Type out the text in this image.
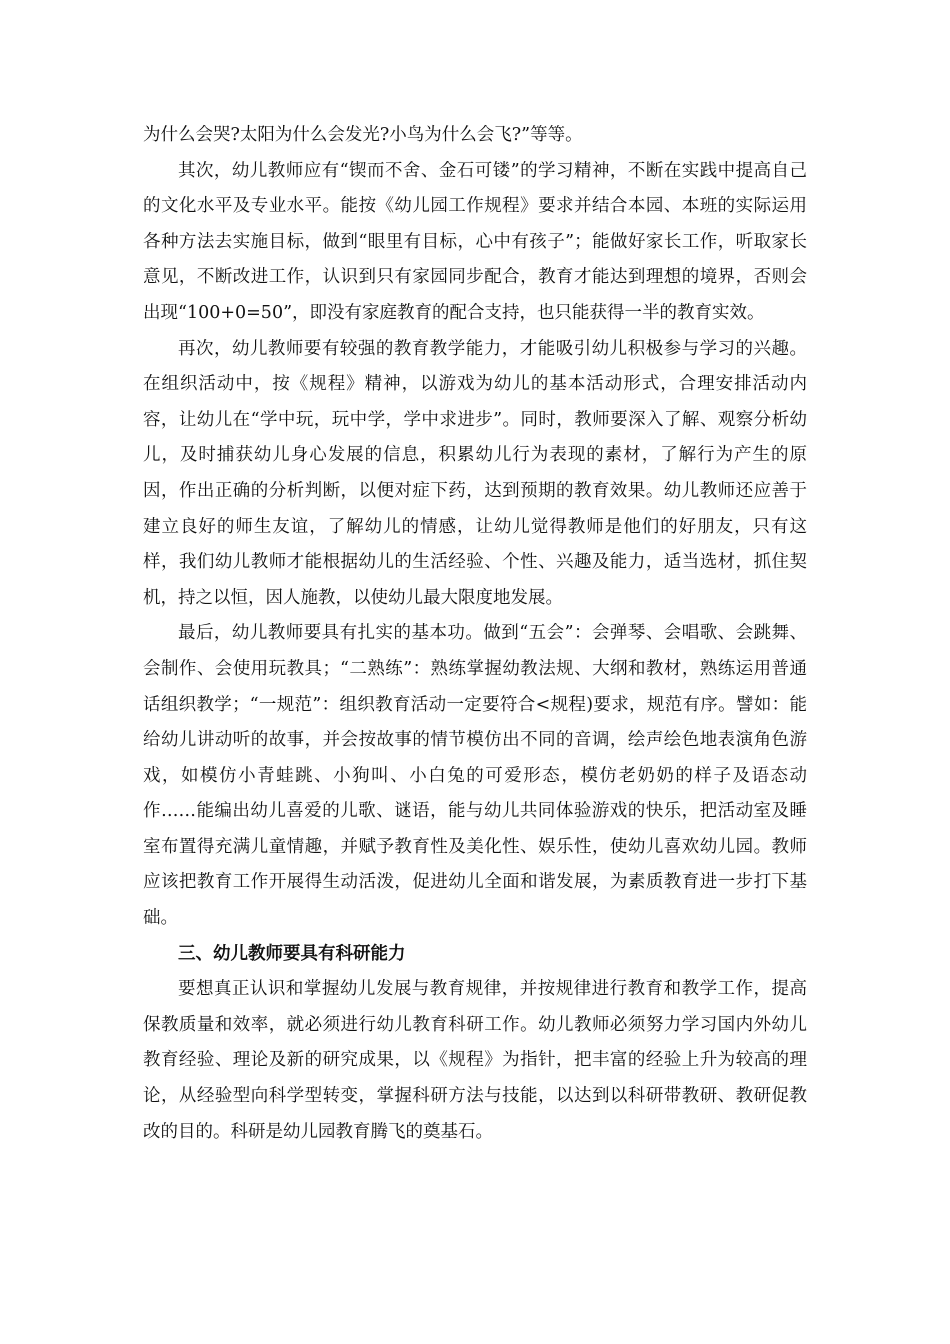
为什么会哭?太阳为什么会发光?小鸟为什么会飞?”等等。

其次，幼儿教师应有“锲而不舍、金石可镂”的学习精神，不断在实践中提高自己的文化水平及专业水平。能按《幼儿园工作规程》要求并结合本园、本班的实际运用各种方法去实施目标，做到“眼里有目标，心中有孩子”；能做好家长工作，听取家长意见，不断改进工作，认识到只有家园同步配合，教育才能达到理想的境界，否则会出现“100+0=50”，即没有家庭教育的配合支持，也只能获得一半的教育实效。

再次，幼儿教师要有较强的教育教学能力，才能吸引幼儿积极参与学习的兴趣。在组织活动中，按《规程》精神，以游戏为幼儿的基本活动形式，合理安排活动内容，让幼儿在“学中玩，玩中学，学中求进步”。同时，教师要深入了解、观察分析幼儿，及时捕获幼儿身心发展的信息，积累幼儿行为表现的素材，了解行为产生的原因，作出正确的分析判断，以便对症下药，达到预期的教育效果。幼儿教师还应善于建立良好的师生友谊，了解幼儿的情感，让幼儿觉得教师是他们的好朋友，只有这样，我们幼儿教师才能根据幼儿的生活经验、个性、兴趣及能力，适当选材，抓住契机，持之以恒，因人施教，以使幼儿最大限度地发展。

最后，幼儿教师要具有扎实的基本功。做到“五会”：会弹琴、会唱歌、会跳舞、会制作、会使用玩教具；“二熟练”：熟练掌握幼教法规、大纲和教材，熟练运用普通话组织教学；“一规范”：组织教育活动一定要符合<规程)要求，规范有序。譬如：能给幼儿讲动听的故事，并会按故事的情节模仿出不同的音调，绘声绘色地表演角色游戏，如模仿小青蛙跳、小狗叫、小白兔的可爱形态，模仿老奶奶的样子及语态动作……能编出幼儿喜爱的儿歌、谜语，能与幼儿共同体验游戏的快乐，把活动室及睡室布置得充满儿童情趣，并赋予教育性及美化性、娱乐性，使幼儿喜欢幼儿园。教师应该把教育工作开展得生动活泼，促进幼儿全面和谐发展，为素质教育进一步打下基础。

三、幼儿教师要具有科研能力

要想真正认识和掌握幼儿发展与教育规律，并按规律进行教育和教学工作，提高保教质量和效率，就必须进行幼儿教育科研工作。幼儿教师必须努力学习国内外幼儿教育经验、理论及新的研究成果，以《规程》为指针，把丰富的经验上升为较高的理论，从经验型向科学型转变，掌握科研方法与技能，以达到以科研带教研、教研促教改的目的。科研是幼儿园教育腾飞的奠基石。
